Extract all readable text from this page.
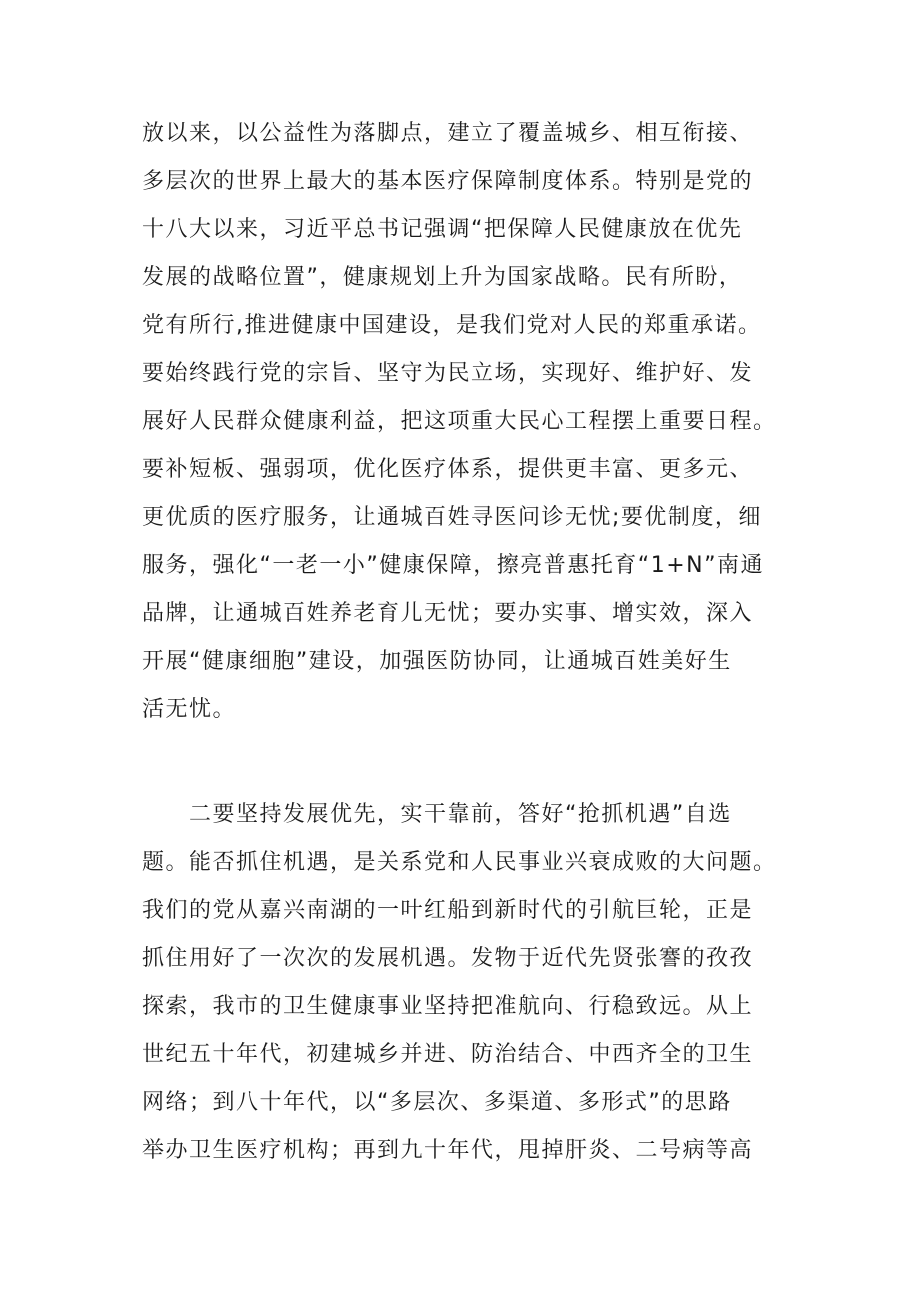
放以来，以公益性为落脚点，建立了覆盖城乡、相互衔接、
多层次的世界上最大的基本医疗保障制度体系。特别是党的
十八大以来，习近平总书记强调“把保障人民健康放在优先
发展的战略位置”，健康规划上升为国家战略。民有所盼，
党有所行,推进健康中国建设，是我们党对人民的郑重承诺。
要始终践行党的宗旨、坚守为民立场，实现好、维护好、发
展好人民群众健康利益，把这项重大民心工程摆上重要日程。
要补短板、强弱项，优化医疗体系，提供更丰富、更多元、
更优质的医疗服务，让通城百姓寻医问诊无忧;要优制度，细
服务，强化“一老一小”健康保障，擦亮普惠托育“1+N”南通
品牌，让通城百姓养老育儿无忧；要办实事、增实效，深入
开展“健康细胞”建设，加强医防协同，让通城百姓美好生
活无忧。
　　二要坚持发展优先，实干靠前，答好“抢抓机遇”自选
题。能否抓住机遇，是关系党和人民事业兴衰成败的大问题。
我们的党从嘉兴南湖的一叶红船到新时代的引航巨轮，正是
抓住用好了一次次的发展机遇。发物于近代先贤张謇的孜孜
探索，我市的卫生健康事业坚持把准航向、行稳致远。从上
世纪五十年代，初建城乡并进、防治结合、中西齐全的卫生
网络；到八十年代，以“多层次、多渠道、多形式”的思路
举办卫生医疗机构；再到九十年代，甩掉肝炎、二号病等高
